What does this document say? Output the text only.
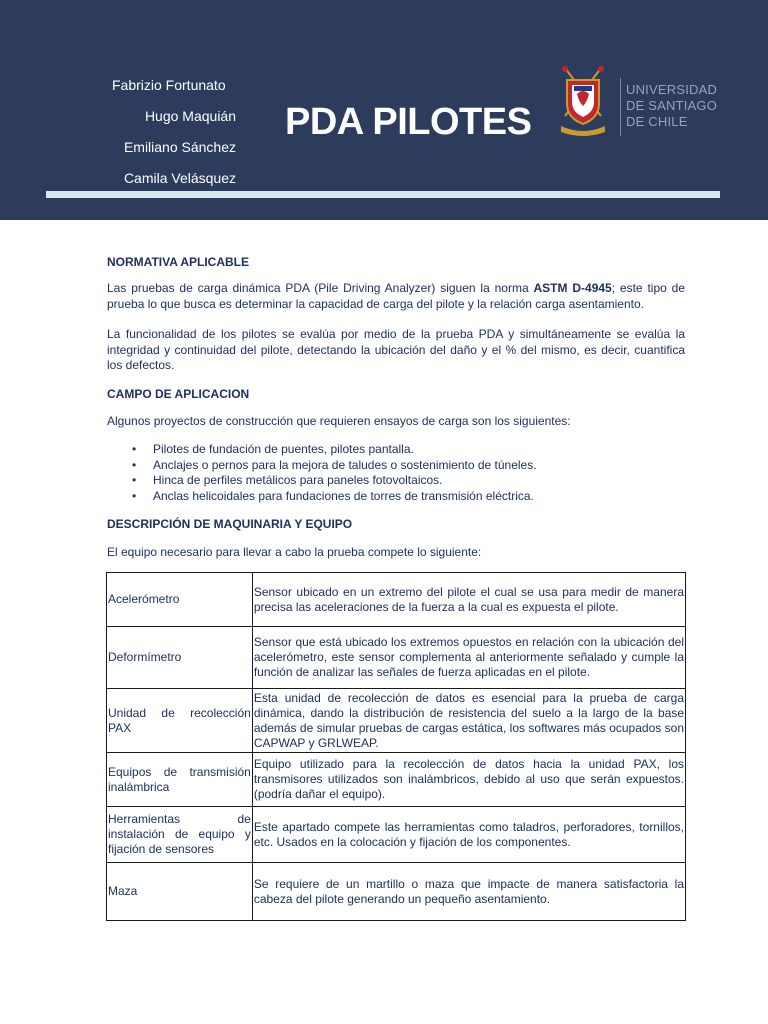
Fabrizio Fortunato
Hugo Maquián
Emiliano Sánchez
Camila Velásquez
PDA PILOTES
UNIVERSIDAD
DE SANTIAGO
DE CHILE
NORMATIVA APLICABLE

Las pruebas de carga dinámica PDA (Pile Driving Analyzer) siguen la norma ASTM D-4945; este tipo de prueba lo que busca es determinar la capacidad de carga del pilote y la relación carga asentamiento.

La funcionalidad de los pilotes se evalúa por medio de la prueba PDA y simultáneamente se evalúa la integridad y continuidad del pilote, detectando la ubicación del daño y el % del mismo, es decir, cuantifica los defectos.

CAMPO DE APLICACION

Algunos proyectos de construcción que requieren ensayos de carga son los siguientes:

• Pilotes de fundación de puentes, pilotes pantalla.
• Anclajes o pernos para la mejora de taludes o sostenimiento de túneles.
• Hinca de perfiles metálicos para paneles fotovoltaicos.
• Anclas helicoidales para fundaciones de torres de transmisión eléctrica.
DESCRIPCIÓN DE MAQUINARIA Y EQUIPO

El equipo necesario para llevar a cabo la prueba compete lo siguiente:

Acelerómetro	Sensor ubicado en un extremo del pilote el cual se usa para medir de manera precisa las aceleraciones de la fuerza a la cual es expuesta el pilote.
Deformímetro	Sensor que está ubicado los extremos opuestos en relación con la ubicación del acelerómetro, este sensor complementa al anteriormente señalado y cumple la función de analizar las señales de fuerza aplicadas en el pilote.
Unidad de recolección PAX	Esta unidad de recolección de datos es esencial para la prueba de carga dinámica, dando la distribución de resistencia del suelo a la largo de la base además de simular pruebas de cargas estática, los softwares más ocupados son CAPWAP y GRLWEAP.
Equipos de transmisión inalámbrica	Equipo utilizado para la recolección de datos hacia la unidad PAX, los transmisores utilizados son inalámbricos, debido al uso que serán expuestos. (podría dañar el equipo).
Herramientas de instalación de equipo y fijación de sensores	Este apartado compete las herramientas como taladros, perforadores, tornillos, etc. Usados en la colocación y fijación de los componentes.
Maza	Se requiere de un martillo o maza que impacte de manera satisfactoria la cabeza del pilote generando un pequeño asentamiento.
